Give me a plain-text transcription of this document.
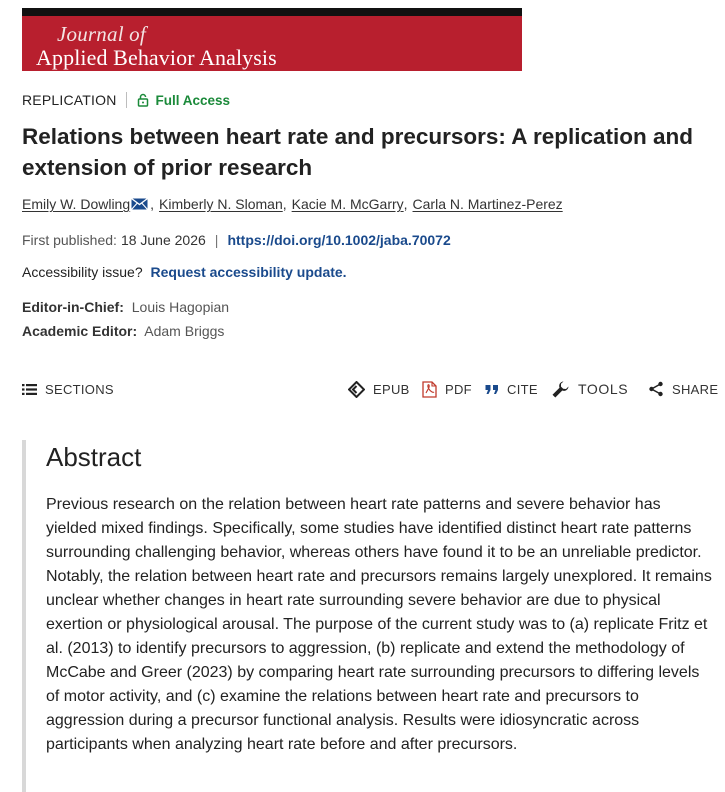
Journal of
Applied Behavior Analysis
REPLICATION	Full Access
Relations between heart rate and precursors: A replication and extension of prior research
Emily W. Dowling , Kimberly N. Sloman , Kacie M. McGarry , Carla N. Martinez-Perez
First published: 18 June 2026 | https://doi.org/10.1002/jaba.70072
Accessibility issue? Request accessibility update.
Editor-in-Chief: Louis Hagopian
Academic Editor: Adam Briggs
SECTIONS	EPUB	PDF	CITE	TOOLS	SHARE
Abstract

Previous research on the relation between heart rate patterns and severe behavior has yielded mixed findings. Specifically, some studies have identified distinct heart rate patterns surrounding challenging behavior, whereas others have found it to be an unreliable predictor. Notably, the relation between heart rate and precursors remains largely unexplored. It remains unclear whether changes in heart rate surrounding severe behavior are due to physical exertion or physiological arousal. The purpose of the current study was to (a) replicate Fritz et al. (2013) to identify precursors to aggression, (b) replicate and extend the methodology of McCabe and Greer (2023) by comparing heart rate surrounding precursors to differing levels of motor activity, and (c) examine the relations between heart rate and precursors to aggression during a precursor functional analysis. Results were idiosyncratic across participants when analyzing heart rate before and after precursors.
